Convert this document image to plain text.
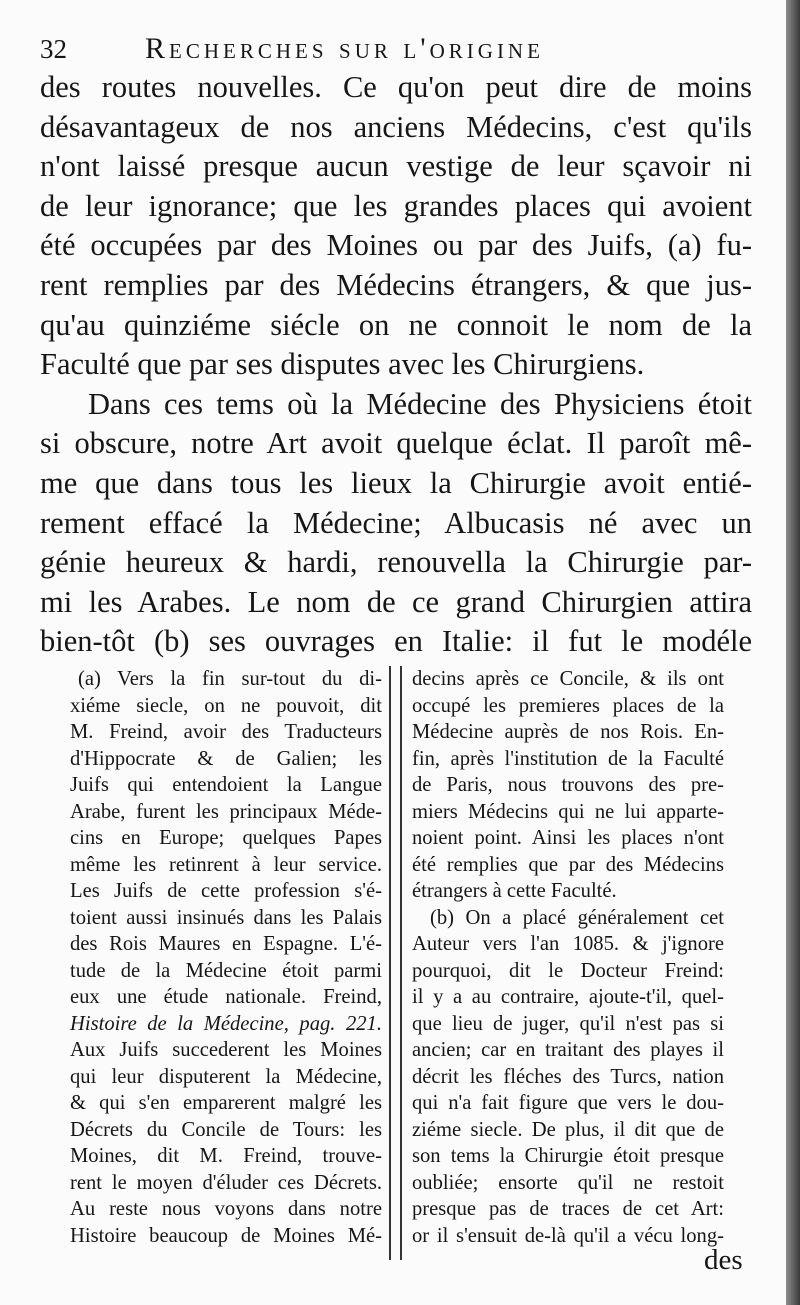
32	Recherches sur l'origine
des routes nouvelles. Ce qu'on peut dire de moins
désavantageux de nos anciens Médecins, c'est qu'ils
n'ont laissé presque aucun vestige de leur sçavoir ni
de leur ignorance; que les grandes places qui avoient
été occupées par des Moines ou par des Juifs, (a) fu-
rent remplies par des Médecins étrangers, & que jus-
qu'au quinziéme siécle on ne connoit le nom de la
Faculté que par ses disputes avec les Chirurgiens.
Dans ces tems où la Médecine des Physiciens étoit
si obscure, notre Art avoit quelque éclat. Il paroît mê-
me que dans tous les lieux la Chirurgie avoit entié-
rement effacé la Médecine; Albucasis né avec un
génie heureux & hardi, renouvella la Chirurgie par-
mi les Arabes. Le nom de ce grand Chirurgien attira
bien-tôt (b) ses ouvrages en Italie: il fut le modéle
(a) Vers la fin sur-tout du di-
xiéme siecle, on ne pouvoit, dit
M. Freind, avoir des Traducteurs
d'Hippocrate & de Galien; les
Juifs qui entendoient la Langue
Arabe, furent les principaux Méde-
cins en Europe; quelques Papes
même les retinrent à leur service.
Les Juifs de cette profession s'é-
toient aussi insinués dans les Palais
des Rois Maures en Espagne. L'é-
tude de la Médecine étoit parmi
eux une étude nationale. Freind,
Histoire de la Médecine, pag. 221.
Aux Juifs succederent les Moines
qui leur disputerent la Médecine,
& qui s'en emparerent malgré les
Décrets du Concile de Tours: les
Moines, dit M. Freind, trouve-
rent le moyen d'éluder ces Décrets.
Au reste nous voyons dans notre
Histoire beaucoup de Moines Mé-
decins après ce Concile, & ils ont
occupé les premieres places de la
Médecine auprès de nos Rois. En-
fin, après l'institution de la Faculté
de Paris, nous trouvons des pre-
miers Médecins qui ne lui apparte-
noient point. Ainsi les places n'ont
été remplies que par des Médecins
étrangers à cette Faculté.
(b) On a placé généralement cet
Auteur vers l'an 1085. & j'ignore
pourquoi, dit le Docteur Freind:
il y a au contraire, ajoute-t'il, quel-
que lieu de juger, qu'il n'est pas si
ancien; car en traitant des playes il
décrit les fléches des Turcs, nation
qui n'a fait figure que vers le dou-
ziéme siecle. De plus, il dit que de
son tems la Chirurgie étoit presque
oubliée; ensorte qu'il ne restoit
presque pas de traces de cet Art:
or il s'ensuit de-là qu'il a vécu long-
des
